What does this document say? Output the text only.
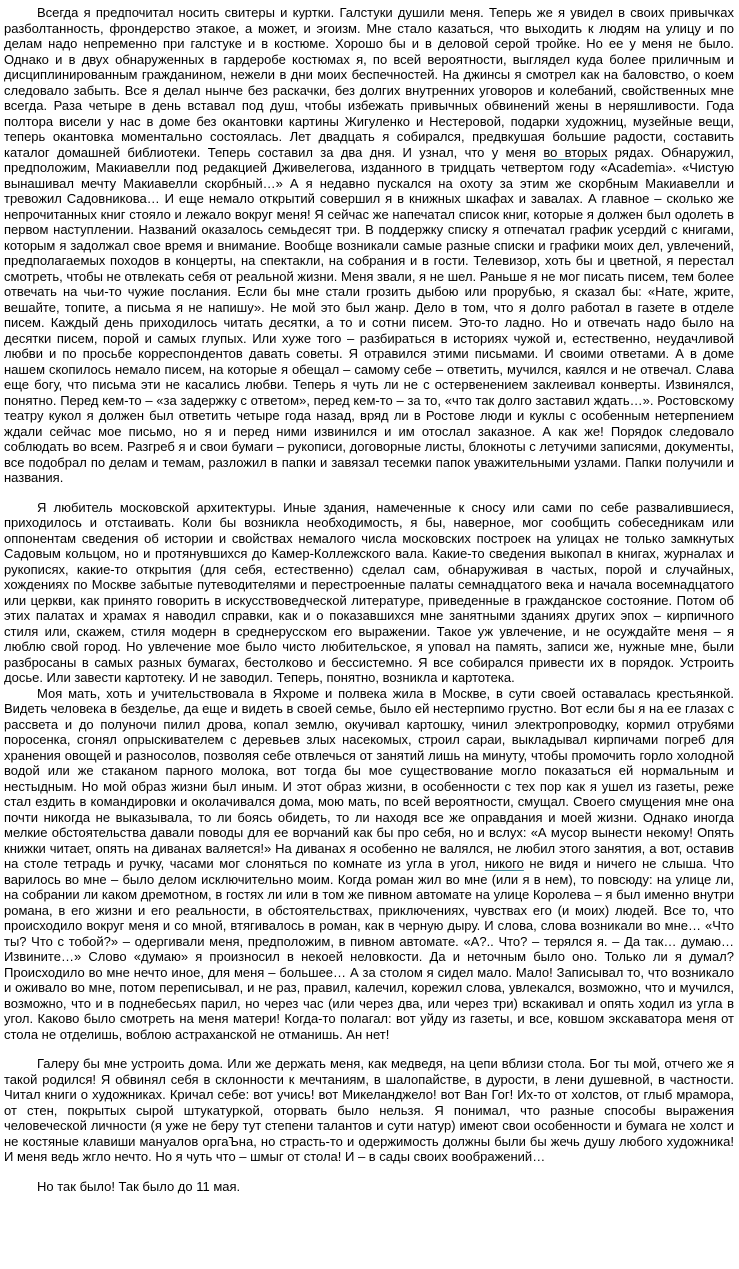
Всегда я предпочитал носить свитеры и куртки. Галстуки душили меня. Теперь же я увидел в своих привычках разболтанность, фрондерство этакое, а может, и эгоизм. Мне стало казаться, что выходить к людям на улицу и по делам надо непременно при галстуке и в костюме. Хорошо бы и в деловой серой тройке. Но ее у меня не было. Однако и в двух обнаруженных в гардеробе костюмах я, по всей вероятности, выглядел куда более приличным и дисциплинированным гражданином, нежели в дни моих беспечностей. На джинсы я смотрел как на баловство, о коем следовало забыть. Все я делал нынче без раскачки, без долгих внутренних уговоров и колебаний, свойственных мне всегда. Раза четыре в день вставал под душ, чтобы избежать привычных обвинений жены в неряшливости. Года полтора висели у нас в доме без окантовки картины Жигуленко и Нестеровой, подарки художниц, музейные вещи, теперь окантовка моментально состоялась. Лет двадцать я собирался, предвкушая большие радости, составить каталог домашней библиотеки. Теперь составил за два дня. И узнал, что у меня во вторых рядах. Обнаружил, предположим, Макиавелли под редакцией Дживелегова, изданного в тридцать четвертом году «Academia». «Чистую вынашивал мечту Макиавелли скорбный…» А я недавно пускался на охоту за этим же скорбным Макиавелли и тревожил Садовникова… И еще немало открытий совершил я в книжных шкафах и завалах. А главное – сколько же непрочитанных книг стояло и лежало вокруг меня! Я сейчас же напечатал список книг, которые я должен был одолеть в первом наступлении. Названий оказалось семьдесят три. В поддержку списку я отпечатал график усердий с книгами, которым я задолжал свое время и внимание. Вообще возникали самые разные списки и графики моих дел, увлечений, предполагаемых походов в концерты, на спектакли, на собрания и в гости. Телевизор, хоть бы и цветной, я перестал смотреть, чтобы не отвлекать себя от реальной жизни. Меня звали, я не шел. Раньше я не мог писать писем, тем более отвечать на чьи-то чужие послания. Если бы мне стали грозить дыбою или прорубью, я сказал бы: «Нате, жрите, вешайте, топите, а письма я не напишу». Не мой это был жанр. Дело в том, что я долго работал в газете в отделе писем. Каждый день приходилось читать десятки, а то и сотни писем. Это-то ладно. Но и отвечать надо было на десятки писем, порой и самых глупых. Или хуже того – разбираться в историях чужой и, естественно, неудачливой любви и по просьбе корреспондентов давать советы. Я отравился этими письмами. И своими ответами. А в доме нашем скопилось немало писем, на которые я обещал – самому себе – ответить, мучился, каялся и не отвечал. Слава еще богу, что письма эти не касались любви. Теперь я чуть ли не с остервенением заклеивал конверты. Извинялся, понятно. Перед кем-то – «за задержку с ответом», перед кем-то – за то, «что так долго заставил ждать…». Ростовскому театру кукол я должен был ответить четыре года назад, вряд ли в Ростове люди и куклы с особенным нетерпением ждали сейчас мое письмо, но я и перед ними извинился и им отослал заказное. А как же! Порядок следовало соблюдать во всем. Разгреб я и свои бумаги – рукописи, договорные листы, блокноты с летучими записями, документы, все подобрал по делам и темам, разложил в папки и завязал тесемки папок уважительными узлами. Папки получили и названия.

Я любитель московской архитектуры. Иные здания, намеченные к сносу или сами по себе развалившиеся, приходилось и отстаивать. Коли бы возникла необходимость, я бы, наверное, мог сообщить собеседникам или оппонентам сведения об истории и свойствах немалого числа московских построек на улицах не только замкнутых Садовым кольцом, но и протянувшихся до Камер-Коллежского вала. Какие-то сведения выкопал в книгах, журналах и рукописях, какие-то открытия (для себя, естественно) сделал сам, обнаруживая в частых, порой и случайных, хождениях по Москве забытые путеводителями и перестроенные палаты семнадцатого века и начала восемнадцатого или церкви, как принято говорить в искусствоведческой литературе, приведенные в гражданское состояние. Потом об этих палатах и храмах я наводил справки, как и о показавшихся мне занятными зданиях других эпох – кирпичного стиля или, скажем, стиля модерн в среднерусском его выражении. Такое уж увлечение, и не осуждайте меня – я люблю свой город. Но увлечение мое было чисто любительское, я уповал на память, записи же, нужные мне, были разбросаны в самых разных бумагах, бестолково и бессистемно. Я все собирался привести их в порядок. Устроить досье. Или завести картотеку. И не заводил. Теперь, понятно, возникла и картотека.

Моя мать, хоть и учительствовала в Яхроме и полвека жила в Москве, в сути своей оставалась крестьянкой. Видеть человека в безделье, да еще и видеть в своей семье, было ей нестерпимо грустно. Вот если бы я на ее глазах с рассвета и до полуночи пилил дрова, копал землю, окучивал картошку, чинил электропроводку, кормил отрубями поросенка, сгонял опрыскивателем с деревьев злых насекомых, строил сараи, выкладывал кирпичами погреб для хранения овощей и разносолов, позволяя себе отвлечься от занятий лишь на минуту, чтобы промочить горло холодной водой или же стаканом парного молока, вот тогда бы мое существование могло показаться ей нормальным и нестыдным. Но мой образ жизни был иным. И этот образ жизни, в особенности с тех пор как я ушел из газеты, реже стал ездить в командировки и околачивался дома, мою мать, по всей вероятности, смущал. Своего смущения мне она почти никогда не выказывала, то ли боясь обидеть, то ли находя все же оправдания и моей жизни. Однако иногда мелкие обстоятельства давали поводы для ее ворчаний как бы про себя, но и вслух: «А мусор вынести некому! Опять книжки читает, опять на диванах валяется!» На диванах я особенно не валялся, не любил этого занятия, а вот, оставив на столе тетрадь и ручку, часами мог слоняться по комнате из угла в угол, никого не видя и ничего не слыша. Что варилось во мне – было делом исключительно моим. Когда роман жил во мне (или я в нем), то повсюду: на улице ли, на собрании ли каком дремотном, в гостях ли или в том же пивном автомате на улице Королева – я был именно внутри романа, в его жизни и его реальности, в обстоятельствах, приключениях, чувствах его (и моих) людей. Все то, что происходило вокруг меня и со мной, втягивалось в роман, как в черную дыру. И слова, слова возникали во мне… «Что ты? Что с тобой?» – одергивали меня, предположим, в пивном автомате. «А?.. Что? – терялся я. – Да так… думаю… Извините…» Слово «думаю» я произносил в некоей неловкости. Да и неточным было оно. Только ли я думал? Происходило во мне нечто иное, для меня – большее… А за столом я сидел мало. Мало! Записывал то, что возникало и оживало во мне, потом переписывал, и не раз, правил, калечил, корежил слова, увлекался, возможно, что и мучился, возможно, что и в поднебесьях парил, но через час (или через два, или через три) вскакивал и опять ходил из угла в угол. Каково было смотреть на меня матери! Когда-то полагал: вот уйду из газеты, и все, ковшом экскаватора меня от стола не отделишь, воблою астраханской не отманишь. Ан нет!

Галеру бы мне устроить дома. Или же держать меня, как медведя, на цепи вблизи стола. Бог ты мой, отчего же я такой родился! Я обвинял себя в склонности к мечтаниям, в шалопайстве, в дурости, в лени душевной, в частности. Читал книги о художниках. Кричал себе: вот учись! вот Микеланджело! вот Ван Гог! Их-то от холстов, от глыб мрамора, от стен, покрытых сырой штукатуркой, оторвать было нельзя. Я понимал, что разные способы выражения человеческой личности (я уже не беру тут степени талантов и сути натур) имеют свои особенности и бумага не холст и не костяные клавиши мануалов оргаЪна, но страсть-то и одержимость должны были бы жечь душу любого художника! И меня ведь жгло нечто. Но я чуть что – шмыг от стола! И – в сады своих воображений…

Но так было! Так было до 11 мая.
